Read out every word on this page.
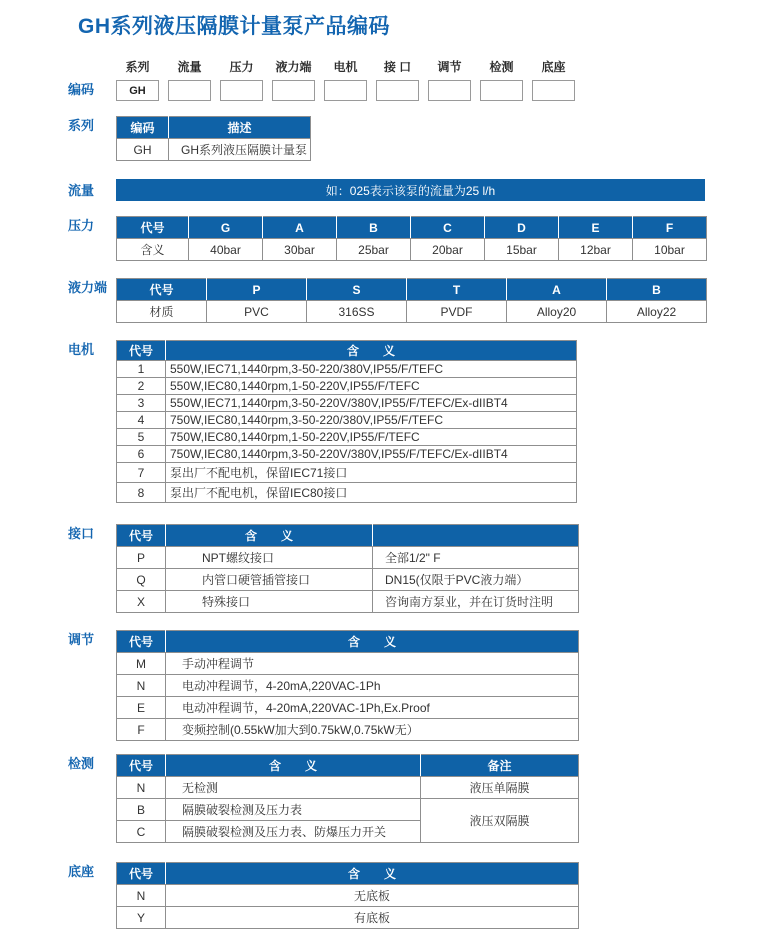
GH系列液压隔膜计量泵产品编码
编码
系列
GH
流量 压力 液力端 电机 接 口 调节 检测 底座
系列	编码	描述
GH	GH系列液压隔膜计量泵
流量	如：025表示该泵的流量为25 l/h
压力	代号	G	A	B	C	D	E	F
含义	40bar	30bar	25bar	20bar	15bar	12bar	10bar
液力端	代号	P	S	T	A	B
材质	PVC	316SS	PVDF	Alloy20	Alloy22
电机	代号	含　　义
1	550W,IEC71,1440rpm,3-50-220/380V,IP55/F/TEFC
2	550W,IEC80,1440rpm,1-50-220V,IP55/F/TEFC
3	550W,IEC71,1440rpm,3-50-220V/380V,IP55/F/TEFC/Ex-dIIBT4
4	750W,IEC80,1440rpm,3-50-220/380V,IP55/F/TEFC
5	750W,IEC80,1440rpm,1-50-220V,IP55/F/TEFC
6	750W,IEC80,1440rpm,3-50-220V/380V,IP55/F/TEFC/Ex-dIIBT4
7	泵出厂不配电机，保留IEC71接口
8	泵出厂不配电机，保留IEC80接口
接口	代号	含　　义	
P	NPT螺纹接口	全部1/2" F
Q	内管口硬管插管接口	DN15(仅限于PVC液力端）
X	特殊接口	咨询南方泵业，并在订货时注明
调节	代号	含　　义
M	手动冲程调节
N	电动冲程调节，4-20mA,220VAC-1Ph
E	电动冲程调节，4-20mA,220VAC-1Ph,Ex.Proof
F	变频控制(0.55kW加大到0.75kW,0.75kW无）
检测	代号	含　　义	备注
N	无检测	液压单隔膜
B	隔膜破裂检测及压力表	液压双隔膜
C	隔膜破裂检测及压力表、防爆压力开关	
底座	代号	含　　义
N	无底板
Y	有底板
